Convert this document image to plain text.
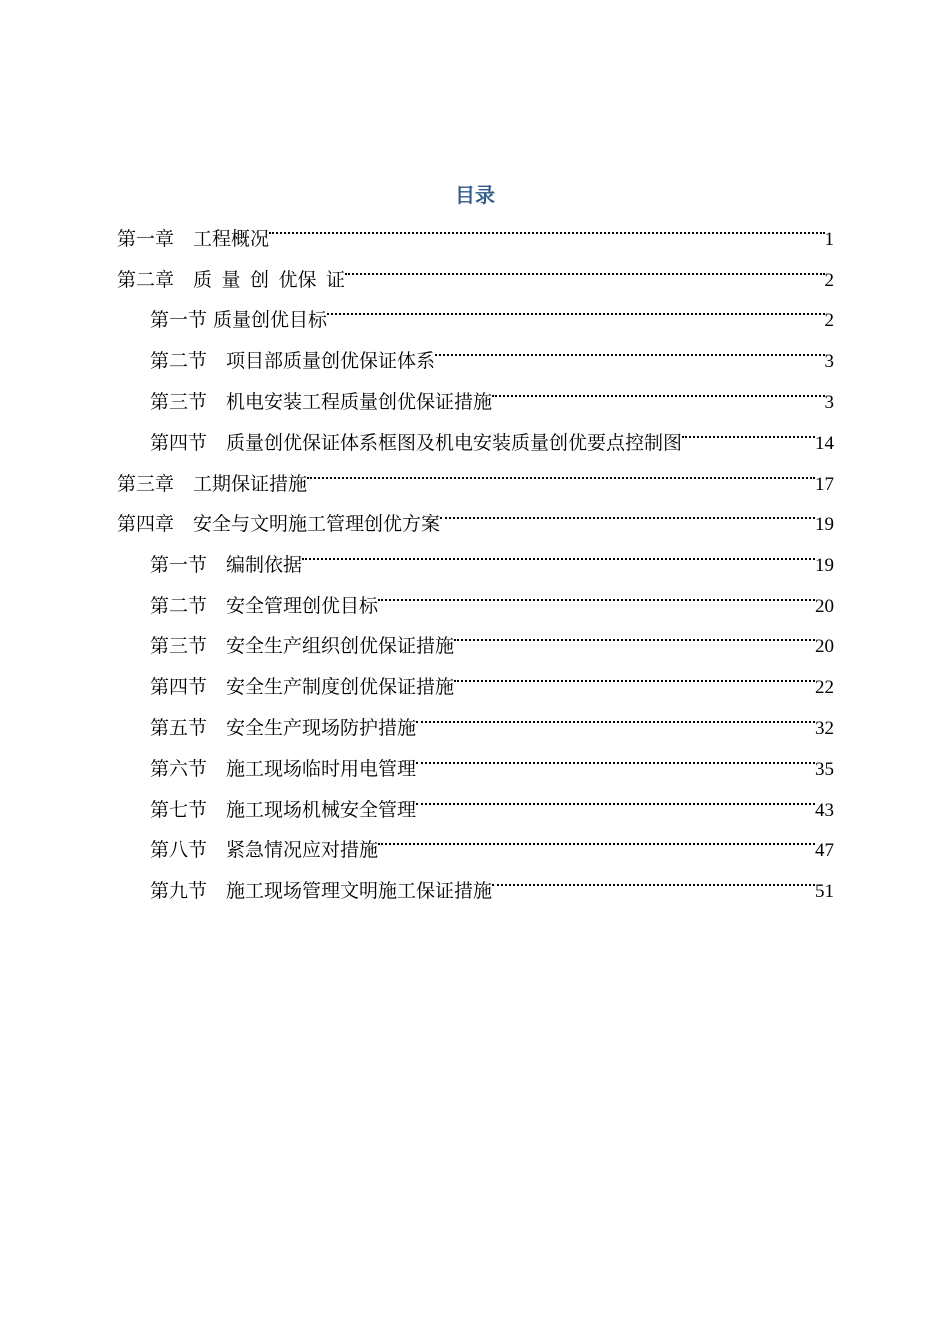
目录
第一章　工程概况	1
第二章　质 量 创 优保 证	2
第一节 质量创优目标	2
第二节　项目部质量创优保证体系	3
第三节　机电安装工程质量创优保证措施	3
第四节　质量创优保证体系框图及机电安装质量创优要点控制图	14
第三章　工期保证措施	17
第四章　安全与文明施工管理创优方案	19
第一节　编制依据	19
第二节　安全管理创优目标	20
第三节　安全生产组织创优保证措施	20
第四节　安全生产制度创优保证措施	22
第五节　安全生产现场防护措施	32
第六节　施工现场临时用电管理	35
第七节　施工现场机械安全管理	43
第八节　紧急情况应对措施	47
第九节　施工现场管理文明施工保证措施	51
